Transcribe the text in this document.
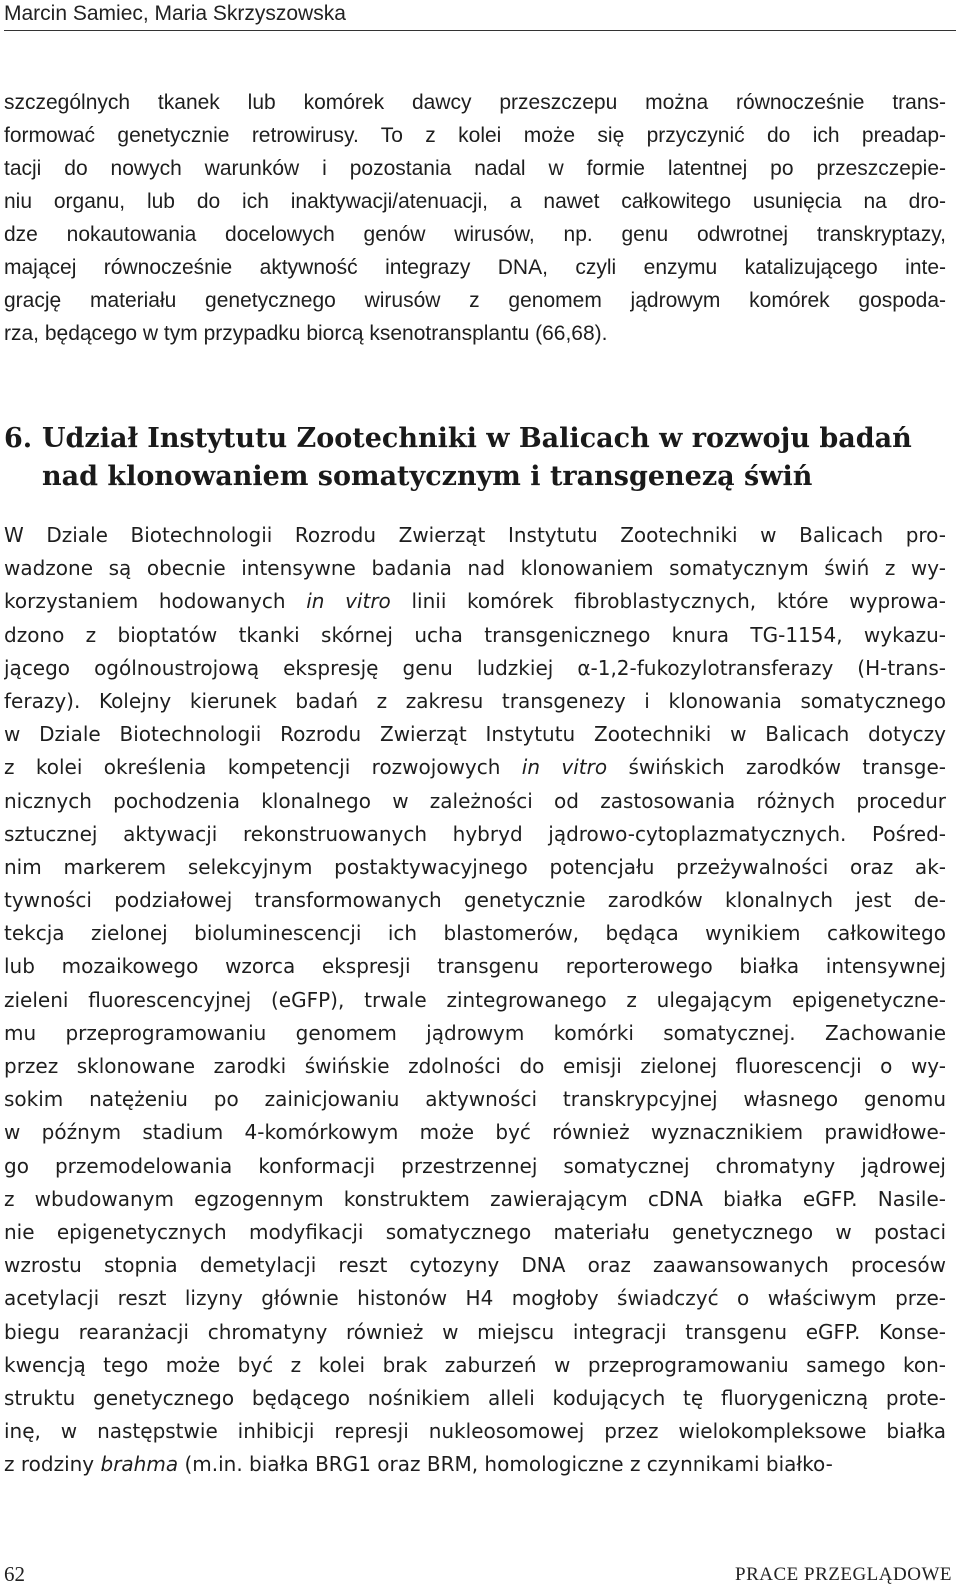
Marcin Samiec, Maria Skrzyszowska
szczególnych tkanek lub komórek dawcy przeszczepu można równocześnie trans-
formować genetycznie retrowirusy. To z kolei może się przyczynić do ich preadap-
tacji do nowych warunków i pozostania nadal w formie latentnej po przeszczepie-
niu organu, lub do ich inaktywacji/atenuacji, a nawet całkowitego usunięcia na dro-
dze nokautowania docelowych genów wirusów, np. genu odwrotnej transkryptazy,
mającej równocześnie aktywność integrazy DNA, czyli enzymu katalizującego inte-
grację materiału genetycznego wirusów z genomem jądrowym komórek gospoda-
rza, będącego w tym przypadku biorcą ksenotransplantu (66,68).
6. Udział Instytutu Zootechniki w Balicach w rozwoju badań
nad klonowaniem somatycznym i transgenezą świń
W Dziale Biotechnologii Rozrodu Zwierząt Instytutu Zootechniki w Balicach pro-
wadzone są obecnie intensywne badania nad klonowaniem somatycznym świń z wy-
korzystaniem hodowanych in vitro linii komórek fibroblastycznych, które wyprowa-
dzono z bioptatów tkanki skórnej ucha transgenicznego knura TG-1154, wykazu-
jącego ogólnoustrojową ekspresję genu ludzkiej α-1,2-fukozylotransferazy (H-trans-
ferazy). Kolejny kierunek badań z zakresu transgenezy i klonowania somatycznego
w Dziale Biotechnologii Rozrodu Zwierząt Instytutu Zootechniki w Balicach dotyczy
z kolei określenia kompetencji rozwojowych in vitro świńskich zarodków transge-
nicznych pochodzenia klonalnego w zależności od zastosowania różnych procedur
sztucznej aktywacji rekonstruowanych hybryd jądrowo-cytoplazmatycznych. Pośred-
nim markerem selekcyjnym postaktywacyjnego potencjału przeżywalności oraz ak-
tywności podziałowej transformowanych genetycznie zarodków klonalnych jest de-
tekcja zielonej bioluminescencji ich blastomerów, będąca wynikiem całkowitego
lub mozaikowego wzorca ekspresji transgenu reporterowego białka intensywnej
zieleni fluorescencyjnej (eGFP), trwale zintegrowanego z ulegającym epigenetyczne-
mu przeprogramowaniu genomem jądrowym komórki somatycznej. Zachowanie
przez sklonowane zarodki świńskie zdolności do emisji zielonej fluorescencji o wy-
sokim natężeniu po zainicjowaniu aktywności transkrypcyjnej własnego genomu
w późnym stadium 4-komórkowym może być również wyznacznikiem prawidłowe-
go przemodelowania konformacji przestrzennej somatycznej chromatyny jądrowej
z wbudowanym egzogennym konstruktem zawierającym cDNA białka eGFP. Nasile-
nie epigenetycznych modyfikacji somatycznego materiału genetycznego w postaci
wzrostu stopnia demetylacji reszt cytozyny DNA oraz zaawansowanych procesów
acetylacji reszt lizyny głównie histonów H4 mogłoby świadczyć o właściwym prze-
biegu rearanżacji chromatyny również w miejscu integracji transgenu eGFP. Konse-
kwencją tego może być z kolei brak zaburzeń w przeprogramowaniu samego kon-
struktu genetycznego będącego nośnikiem alleli kodujących tę fluorygeniczną prote-
inę, w następstwie inhibicji represji nukleosomowej przez wielokompleksowe białka
z rodziny brahma (m.in. białka BRG1 oraz BRM, homologiczne z czynnikami białko-
62	PRACE PRZEGLĄDOWE
